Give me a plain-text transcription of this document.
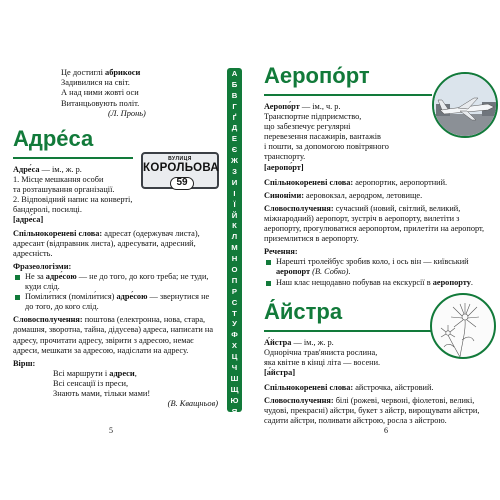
Це достиглі абрикоси
Задивилися на світ.
А над ними жовті оси
Витанцьовують політ.
(Л. Пронь)
Адре́са
Адре́са — ім., ж. р.
1. Місце мешкання особи
та розташування організації.
2. Відповідний напис на конверті,
бандеролі, посилці.
[адре́са]
Спільнокореневі слова: адресат (одержувач листа), адресант (відправник листа), адресувати, адресний, адресність.
Фразеологізми:
Не за адре́сою — не до того, до кого треба; не туди, куди слід.
Поміли́тися (поміли́тися) адре́сою — звернутися не до того, до кого слід.
Словосполучення: поштова (електронна, нова, стара, домашня, зворотна, тайна, дідусева) адреса, написати на адресу, прочитати адресу, звірити з адресою, немає адреси, мешкати за адресою, надіслати на адресу.
Вірш:
Всі маршрути і адреси,
Всі сенсації із преси,
Знають мами, тільки мами!
(В. Кващньов)
ВУЛИЦЯ
КОРОЛЬОВА
59
5
А
Б
В
Г
Ґ
Д
Е
Є
Ж
З
И
І
Ї
Й
К
Л
М
Н
О
П
Р
С
Т
У
Ф
Х
Ц
Ч
Ш
Щ
Ю
Я
Аеропо́рт
Аеропо́рт — ім., ч. р.
Транспортне підприємство,
що забезпечує регулярні
перевезення пасажирів, вантажів
і пошти, за допомогою повітряного
транспорту.
[аеропо́рт]
Спільнокореневі слова: аеропортик, аеропортний.
Синоніми: аеровокзал, аеродром, летовище.
Словосполучення: сучасний (новий, світлий, великий, міжнародний) аеропорт, зустріч в аеропорту, вилетіти з аеропорту, прогулюватися аеропортом, прилетіти на аеропорт, приземлитися в аеропорту.
Речення:
Нарешті тролейбус зробив коло, і ось він — київський аеропорт (В. Собко).
Наш клас нещодавно побував на екскурсії в аеропорту.
А́йстра
А́йстра — ім., ж. р.
Однорічна трав'яниста рослина,
яка квітне в кінці літа — восени.
[а́йстра]
Спільнокореневі слова: айстрочка, айстровий.
Словосполучення: білі (рожеві, червоні, фіолетові, великі, чудові, прекрасні) айстри, букет з айстр, вирощувати айстри, садити айстри, поливати айстрою, росла з айстрою.
6
